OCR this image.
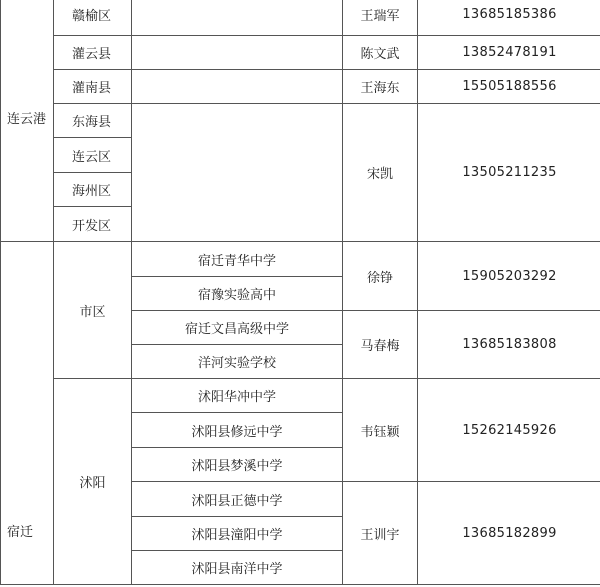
连云港	赣榆区		王瑞军	13685185386
	灌云县		陈文武	13852478191
	灌南县		王海东	15505188556
	东海县		宋凯	13505211235
	连云区			
	海州区			
	开发区			
宿迁	市区	宿迁青华中学	徐铮	15905203292
		宿豫实验高中		
		宿迁文昌高级中学	马春梅	13685183808
		洋河实验学校		
	沭阳	沭阳华冲中学	韦钰颖	15262145926
		沭阳县修远中学		
		沭阳县梦溪中学		
		沭阳县正德中学	王训宇	13685182899
		沭阳县潼阳中学		
		沭阳县南洋中学		
